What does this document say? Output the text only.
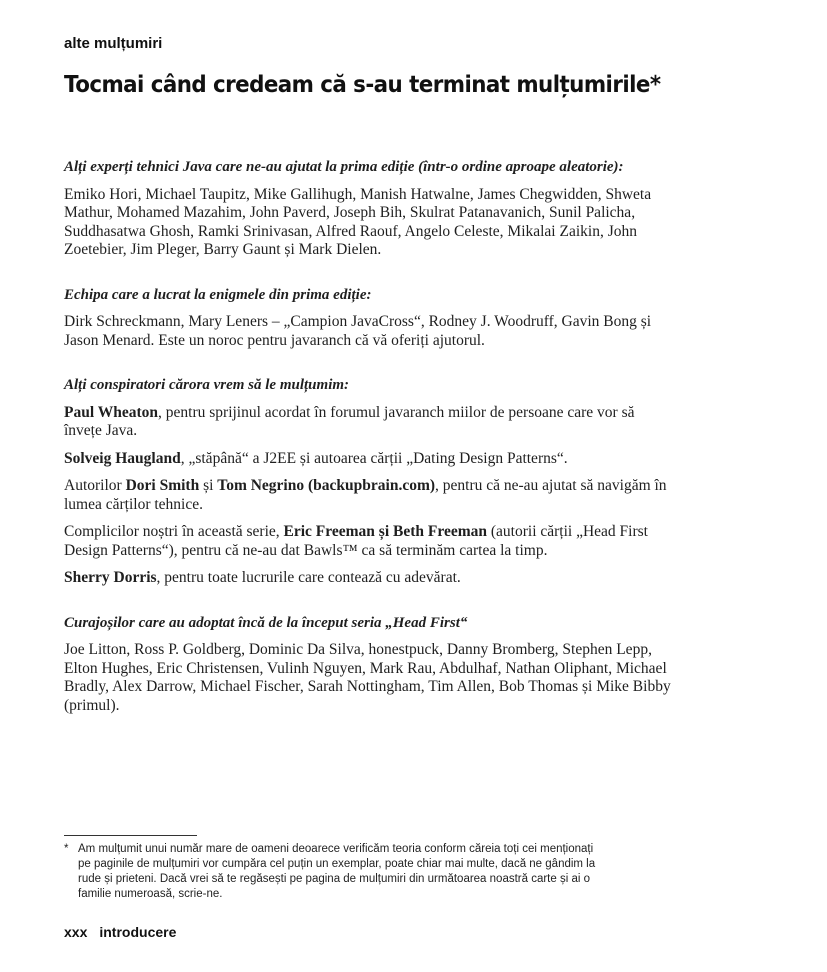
alte mulțumiri
Tocmai când credeam că s-au terminat mulțumirile*
Alți experți tehnici Java care ne-au ajutat la prima ediție (într-o ordine aproape aleatorie):
Emiko Hori, Michael Taupitz, Mike Gallihugh, Manish Hatwalne, James Chegwidden, Shweta Mathur, Mohamed Mazahim, John Paverd, Joseph Bih, Skulrat Patanavanich, Sunil Palicha, Suddhasatwa Ghosh, Ramki Srinivasan, Alfred Raouf, Angelo Celeste, Mikalai Zaikin, John Zoetebier, Jim Pleger, Barry Gaunt și Mark Dielen.
Echipa care a lucrat la enigmele din prima ediție:
Dirk Schreckmann, Mary Leners – „Campion JavaCross“, Rodney J. Woodruff, Gavin Bong și Jason Menard. Este un noroc pentru javaranch că vă oferiți ajutorul.
Alți conspiratori cărora vrem să le mulțumim:
Paul Wheaton, pentru sprijinul acordat în forumul javaranch miilor de persoane care vor să învețe Java.
Solveig Haugland, „stăpână“ a J2EE și autoarea cărții „Dating Design Patterns“.
Autorilor Dori Smith și Tom Negrino (backupbrain.com), pentru că ne-au ajutat să navigăm în lumea cărților tehnice.
Complicilor noștri în această serie, Eric Freeman și Beth Freeman (autorii cărții „Head First Design Patterns“), pentru că ne-au dat Bawls™ ca să terminăm cartea la timp.
Sherry Dorris, pentru toate lucrurile care contează cu adevărat.
Curajoșilor care au adoptat încă de la început seria „Head First“
Joe Litton, Ross P. Goldberg, Dominic Da Silva, honestpuck, Danny Bromberg, Stephen Lepp, Elton Hughes, Eric Christensen, Vulinh Nguyen, Mark Rau, Abdulhaf, Nathan Oliphant, Michael Bradly, Alex Darrow, Michael Fischer, Sarah Nottingham, Tim Allen, Bob Thomas și Mike Bibby (primul).
* Am mulțumit unui număr mare de oameni deoarece verificăm teoria conform căreia toți cei menționați pe paginile de mulțumiri vor cumpăra cel puțin un exemplar, poate chiar mai multe, dacă ne gândim la rude și prieteni. Dacă vrei să te regăsești pe pagina de mulțumiri din următoarea noastră carte și ai o familie numeroasă, scrie-ne.
xxx introducere
